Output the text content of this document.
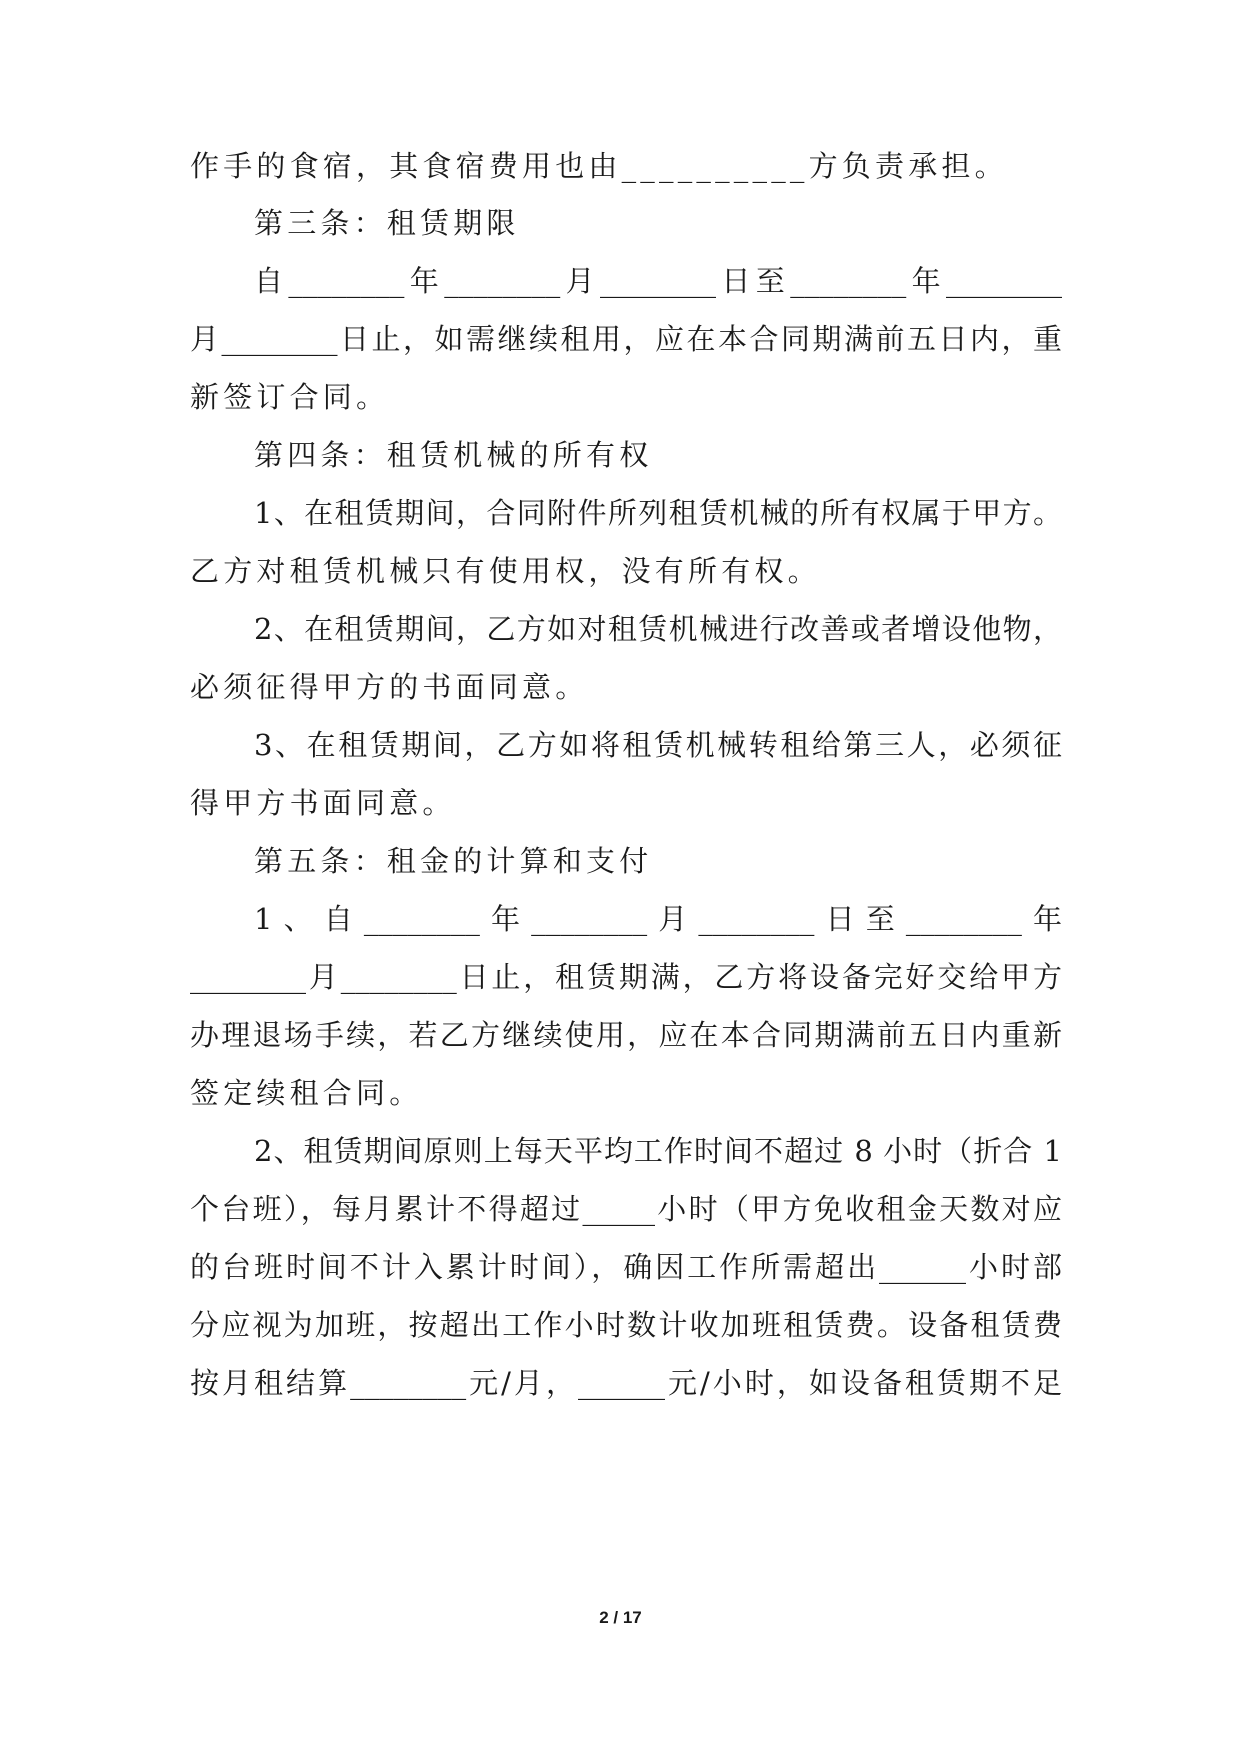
作手的食宿，其食宿费用也由__________方负责承担。

第三条：租赁期限

自________年________月________日至________年________

月________日止，如需继续租用，应在本合同期满前五日内，重

新签订合同。

第四条：租赁机械的所有权

1、在租赁期间，合同附件所列租赁机械的所有权属于甲方。

乙方对租赁机械只有使用权，没有所有权。

2、在租赁期间，乙方如对租赁机械进行改善或者增设他物，

必须征得甲方的书面同意。

3、在租赁期间，乙方如将租赁机械转租给第三人，必须征

得甲方书面同意。

第五条：租金的计算和支付

1、自________年________月________日至________年

________月________日止，租赁期满，乙方将设备完好交给甲方

办理退场手续，若乙方继续使用，应在本合同期满前五日内重新

签定续租合同。

2、租赁期间原则上每天平均工作时间不超过 8 小时（折合 1

个台班），每月累计不得超过_____小时（甲方免收租金天数对应

的台班时间不计入累计时间），确因工作所需超出______小时部

分应视为加班，按超出工作小时数计收加班租赁费。设备租赁费

按月租结算________元/月，______元/小时，如设备租赁期不足

2 / 17
